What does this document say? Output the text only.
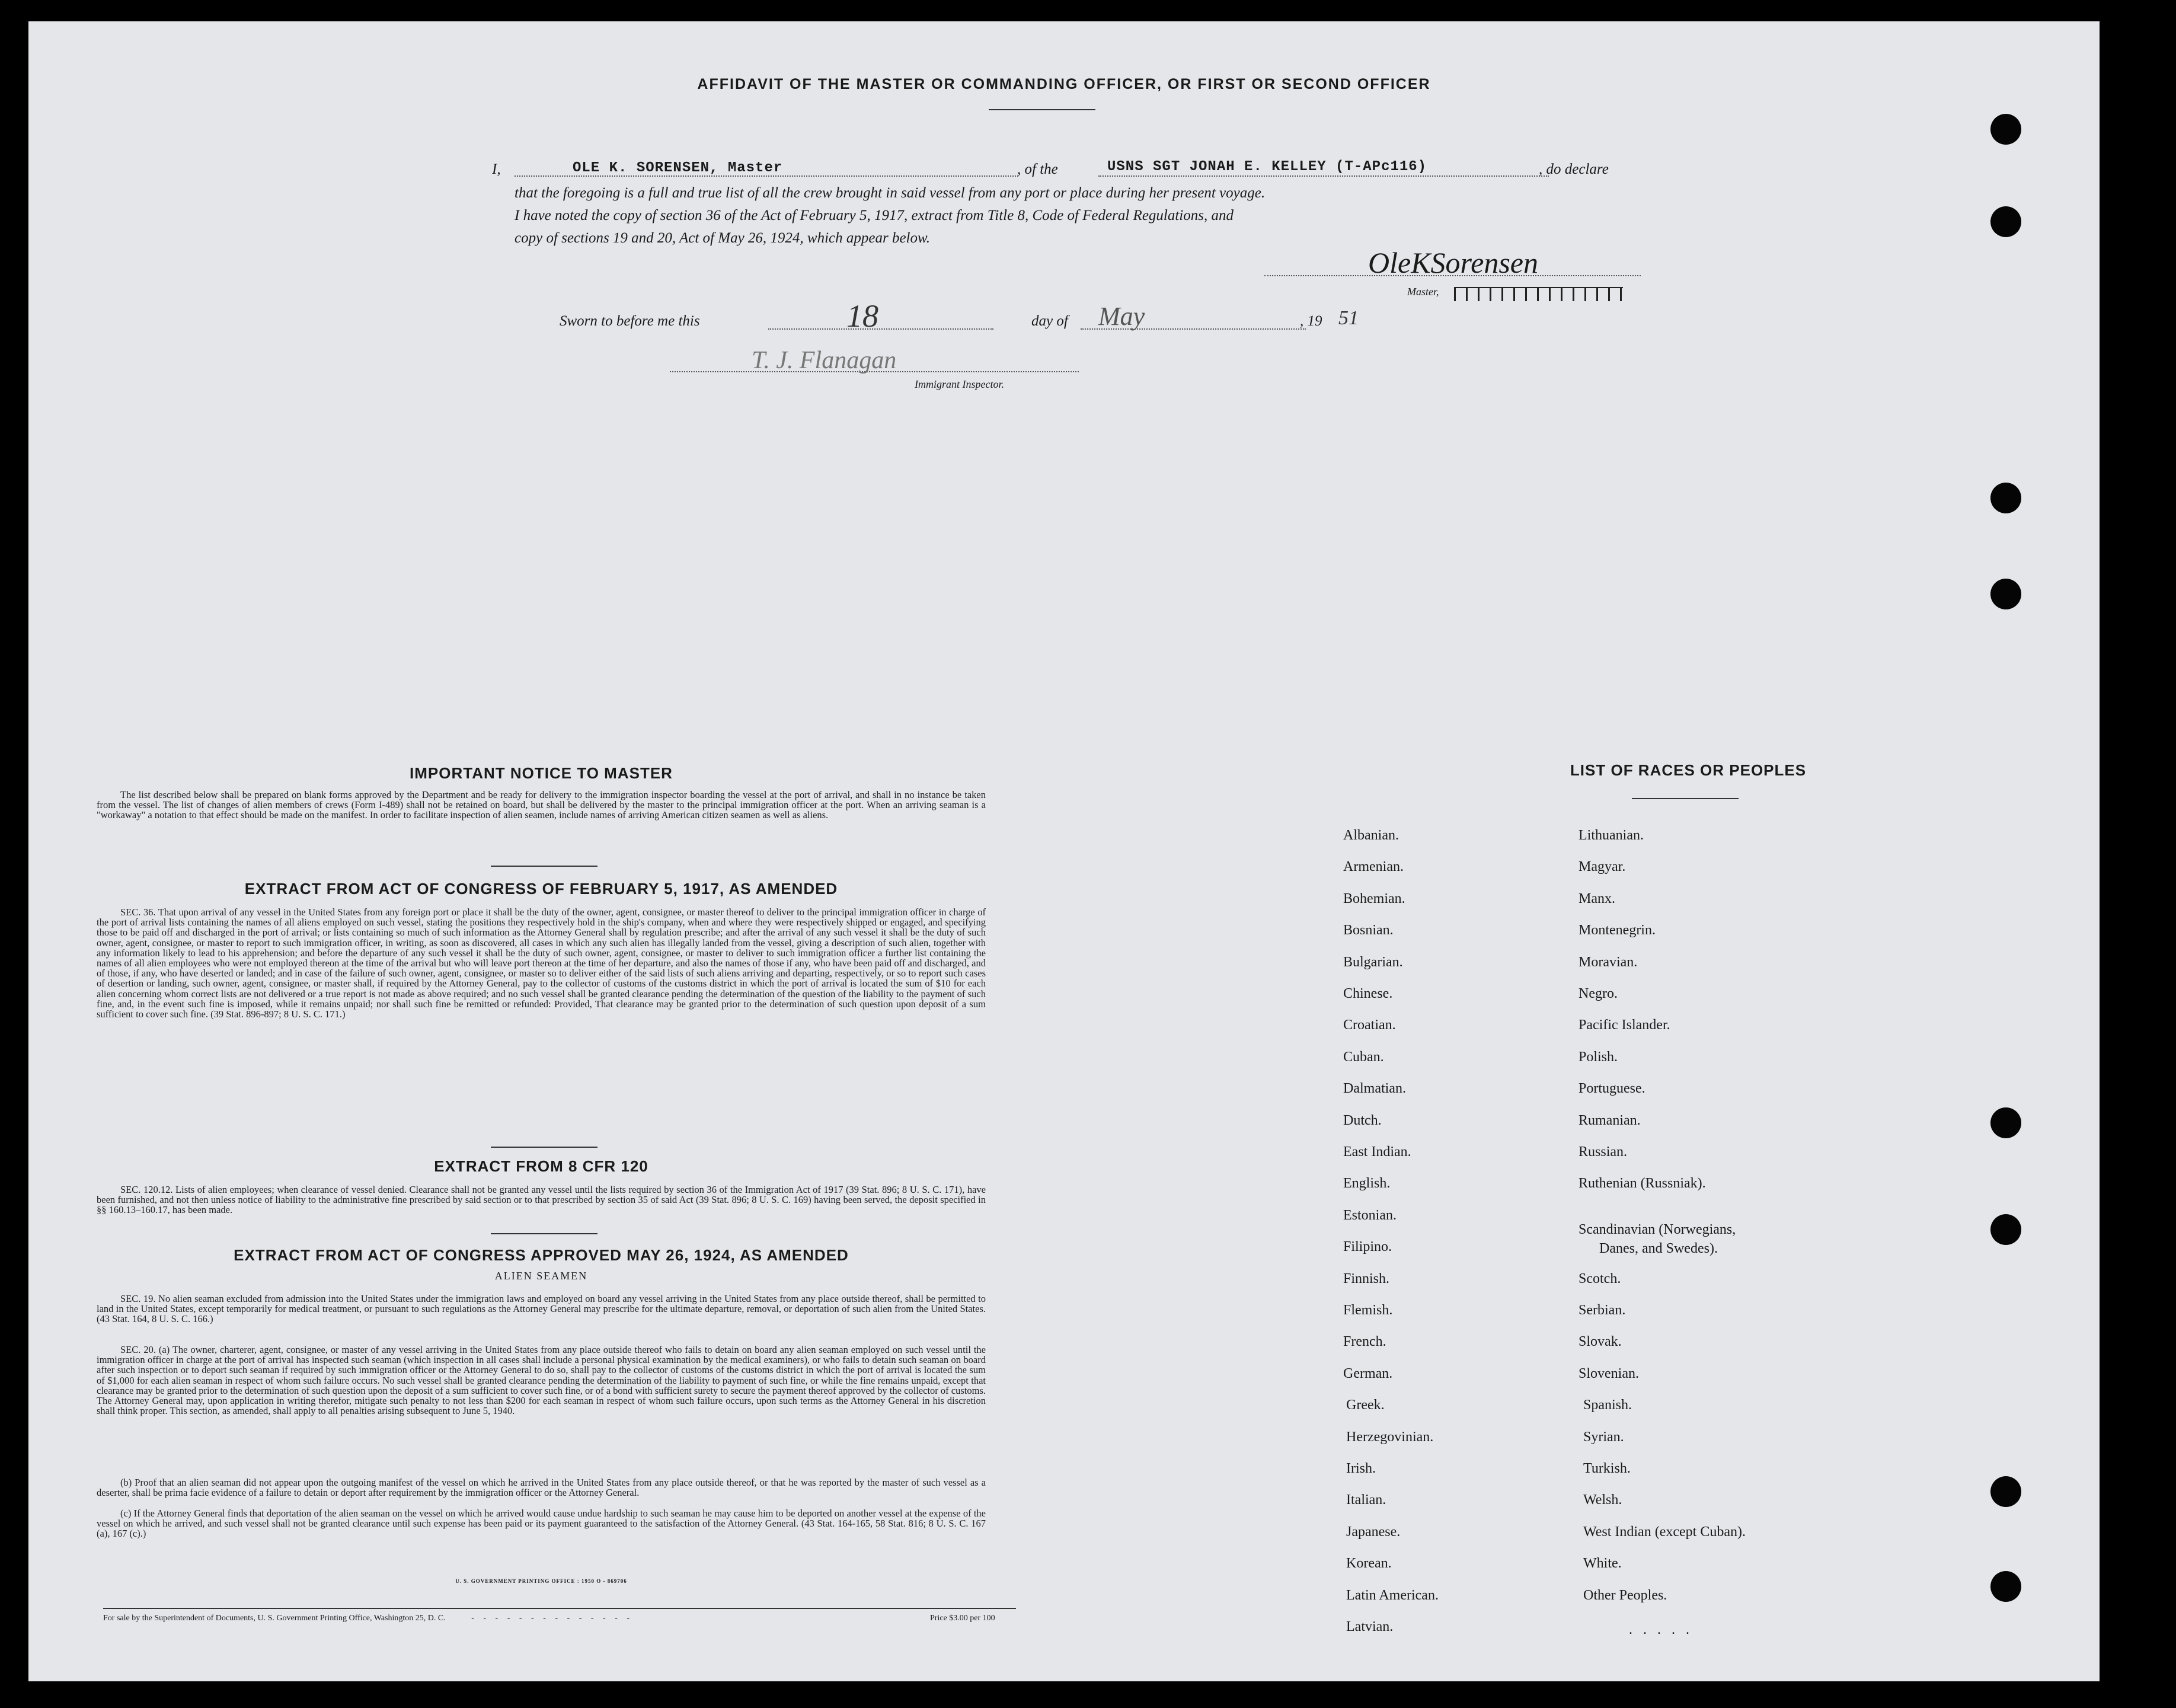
AFFIDAVIT OF THE MASTER OR COMMANDING OFFICER, OR FIRST OR SECOND OFFICER
I,	OLE K. SORENSEN, Master	, of the	USNS SGT JONAH E. KELLEY (T-APc116)	, do declare
that the foregoing is a full and true list of all the crew brought in said vessel from any port or place during her present voyage.
I have noted the copy of section 36 of the Act of February 5, 1917, extract from Title 8, Code of Federal Regulations, and
copy of sections 19 and 20, Act of May 26, 1924, which appear below.
OleKSorensen
Master,
Sworn to before me this	18	day of May	, 19 51
T. J. Flanagan
Immigrant Inspector.
IMPORTANT NOTICE TO MASTER
The list described below shall be prepared on blank forms approved by the Department and be ready for delivery to the immigration inspector boarding the vessel at the port of arrival, and shall in no instance be taken from the vessel. The list of changes of alien members of crews (Form I-489) shall not be retained on board, but shall be delivered by the master to the principal immigration officer at the port. When an arriving seaman is a "workaway" a notation to that effect should be made on the manifest. In order to facilitate inspection of alien seamen, include names of arriving American citizen seamen as well as aliens.
EXTRACT FROM ACT OF CONGRESS OF FEBRUARY 5, 1917, AS AMENDED
SEC. 36. That upon arrival of any vessel in the United States from any foreign port or place it shall be the duty of the owner, agent, consignee, or master thereof to deliver to the principal immigration officer in charge of the port of arrival lists containing the names of all aliens employed on such vessel, stating the positions they respectively hold in the ship's company, when and where they were respectively shipped or engaged, and specifying those to be paid off and discharged in the port of arrival; or lists containing so much of such information as the Attorney General shall by regulation prescribe; and after the arrival of any such vessel it shall be the duty of such owner, agent, consignee, or master to report to such immigration officer, in writing, as soon as discovered, all cases in which any such alien has illegally landed from the vessel, giving a description of such alien, together with any information likely to lead to his apprehension; and before the departure of any such vessel it shall be the duty of such owner, agent, consignee, or master to deliver to such immigration officer a further list containing the names of all alien employees who were not employed thereon at the time of the arrival but who will leave port thereon at the time of her departure, and also the names of those if any, who have been paid off and discharged, and of those, if any, who have deserted or landed; and in case of the failure of such owner, agent, consignee, or master so to deliver either of the said lists of such aliens arriving and departing, respectively, or so to report such cases of desertion or landing, such owner, agent, consignee, or master shall, if required by the Attorney General, pay to the collector of customs of the customs district in which the port of arrival is located the sum of $10 for each alien concerning whom correct lists are not delivered or a true report is not made as above required; and no such vessel shall be granted clearance pending the determination of the question of the liability to the payment of such fine, and, in the event such fine is imposed, while it remains unpaid; nor shall such fine be remitted or refunded: Provided, That clearance may be granted prior to the determination of such question upon deposit of a sum sufficient to cover such fine. (39 Stat. 896-897; 8 U. S. C. 171.)
EXTRACT FROM 8 CFR 120
SEC. 120.12. Lists of alien employees; when clearance of vessel denied. Clearance shall not be granted any vessel until the lists required by section 36 of the Immigration Act of 1917 (39 Stat. 896; 8 U. S. C. 171), have been furnished, and not then unless notice of liability to the administrative fine prescribed by said section or to that prescribed by section 35 of said Act (39 Stat. 896; 8 U. S. C. 169) having been served, the deposit specified in §§ 160.13–160.17, has been made.
EXTRACT FROM ACT OF CONGRESS APPROVED MAY 26, 1924, AS AMENDED
ALIEN SEAMEN
SEC. 19. No alien seaman excluded from admission into the United States under the immigration laws and employed on board any vessel arriving in the United States from any place outside thereof, shall be permitted to land in the United States, except temporarily for medical treatment, or pursuant to such regulations as the Attorney General may prescribe for the ultimate departure, removal, or deportation of such alien from the United States. (43 Stat. 164, 8 U. S. C. 166.)
SEC. 20. (a) The owner, charterer, agent, consignee, or master of any vessel arriving in the United States from any place outside thereof who fails to detain on board any alien seaman employed on such vessel until the immigration officer in charge at the port of arrival has inspected such seaman (which inspection in all cases shall include a personal physical examination by the medical examiners), or who fails to detain such seaman on board after such inspection or to deport such seaman if required by such immigration officer or the Attorney General to do so, shall pay to the collector of customs of the customs district in which the port of arrival is located the sum of $1,000 for each alien seaman in respect of whom such failure occurs. No such vessel shall be granted clearance pending the determination of the liability to payment of such fine, or while the fine remains unpaid, except that clearance may be granted prior to the determination of such question upon the deposit of a sum sufficient to cover such fine, or of a bond with sufficient surety to secure the payment thereof approved by the collector of customs. The Attorney General may, upon application in writing therefor, mitigate such penalty to not less than $200 for each seaman in respect of whom such failure occurs, upon such terms as the Attorney General in his discretion shall think proper. This section, as amended, shall apply to all penalties arising subsequent to June 5, 1940.
(b) Proof that an alien seaman did not appear upon the outgoing manifest of the vessel on which he arrived in the United States from any place outside thereof, or that he was reported by the master of such vessel as a deserter, shall be prima facie evidence of a failure to detain or deport after requirement by the immigration officer or the Attorney General.
(c) If the Attorney General finds that deportation of the alien seaman on the vessel on which he arrived would cause undue hardship to such seaman he may cause him to be deported on another vessel at the expense of the vessel on which he arrived, and such vessel shall not be granted clearance until such expense has been paid or its payment guaranteed to the satisfaction of the Attorney General. (43 Stat. 164-165, 58 Stat. 816; 8 U. S. C. 167 (a), 167 (c).)
U. S. GOVERNMENT PRINTING OFFICE : 1950 O - 869706
For sale by the Superintendent of Documents, U. S. Government Printing Office, Washington 25, D. C.	- - - - - - - - - - - - - -	Price $3.00 per 100
LIST OF RACES OR PEOPLES
Albanian.
Armenian.
Bohemian.
Bosnian.
Bulgarian.
Chinese.
Croatian.
Cuban.
Dalmatian.
Dutch.
East Indian.
English.
Estonian.
Filipino.
Finnish.
Flemish.
French.
German.
Greek.
Herzegovinian.
Irish.
Italian.
Japanese.
Korean.
Latin American.
Latvian.
Lithuanian.
Magyar.
Manx.
Montenegrin.
Moravian.
Negro.
Pacific Islander.
Polish.
Portuguese.
Rumanian.
Russian.
Ruthenian (Russniak).
Scandinavian (Norwegians,
Danes, and Swedes).
Scotch.
Serbian.
Slovak.
Slovenian.
Spanish.
Syrian.
Turkish.
Welsh.
West Indian (except Cuban).
White.
Other Peoples.
. . . . .
